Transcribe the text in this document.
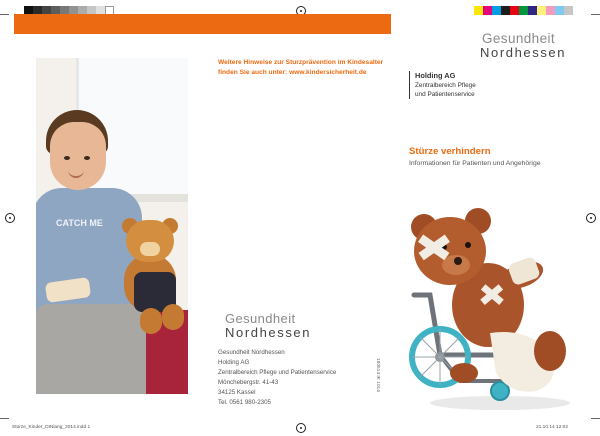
CATCH ME
Weitere Hinweise zur Sturzprävention im Kindesalter finden Sie auch unter: www.kindersicherheit.de
Gesundheit
Nordhessen
Gesundheit Nordhessen
Holding AG
Zentralbereich Pflege und Patientenservice
Mönchebergstr. 41-43
34125 Kassel
Tel. 0561 980-2305
180514 IK 1014
Gesundheit
Nordhessen
Holding AG
Zentralbereich Pflege
und Patientenservice
Stürze verhindern
Informationen für Patienten und Angehörige
Stürze_Kinder_DINlang_2014.indd 1	21.10.14 12:02
